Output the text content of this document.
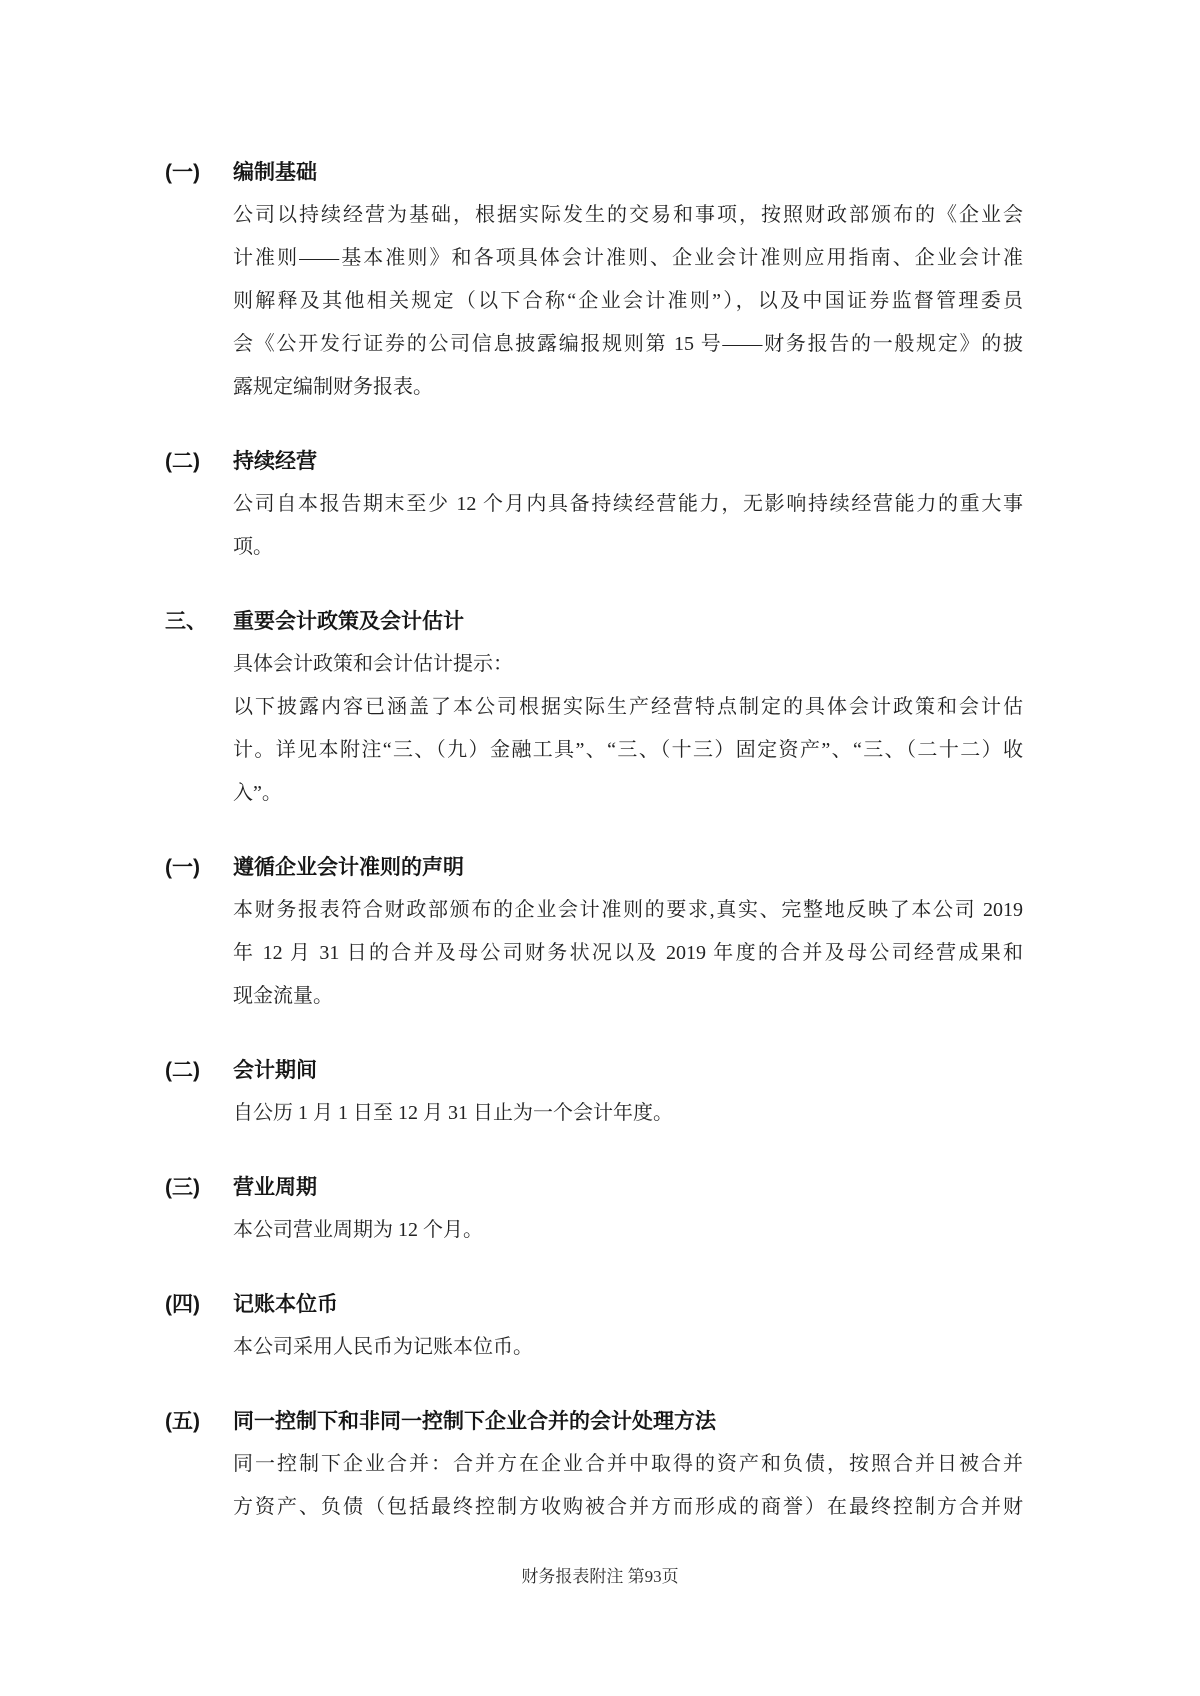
(一)	编制基础
公司以持续经营为基础，根据实际发生的交易和事项，按照财政部颁布的《企业会
计准则——基本准则》和各项具体会计准则、企业会计准则应用指南、企业会计准
则解释及其他相关规定（以下合称“企业会计准则”），以及中国证券监督管理委员
会《公开发行证券的公司信息披露编报规则第 15 号——财务报告的一般规定》的披
露规定编制财务报表。
(二)	持续经营
公司自本报告期末至少 12 个月内具备持续经营能力，无影响持续经营能力的重大事
项。
三、	重要会计政策及会计估计
具体会计政策和会计估计提示：
以下披露内容已涵盖了本公司根据实际生产经营特点制定的具体会计政策和会计估
计。详见本附注“三、（九）金融工具”、“三、（十三）固定资产”、“三、（二十二）收
入”。
(一)	遵循企业会计准则的声明
本财务报表符合财政部颁布的企业会计准则的要求,真实、完整地反映了本公司 2019
年 12 月 31 日的合并及母公司财务状况以及 2019 年度的合并及母公司经营成果和
现金流量。
(二)	会计期间
自公历 1 月 1 日至 12 月 31 日止为一个会计年度。
(三)	营业周期
本公司营业周期为 12 个月。
(四)	记账本位币
本公司采用人民币为记账本位币。
(五)	同一控制下和非同一控制下企业合并的会计处理方法
同一控制下企业合并：合并方在企业合并中取得的资产和负债，按照合并日被合并
方资产、负债（包括最终控制方收购被合并方而形成的商誉）在最终控制方合并财
财务报表附注 第93页
